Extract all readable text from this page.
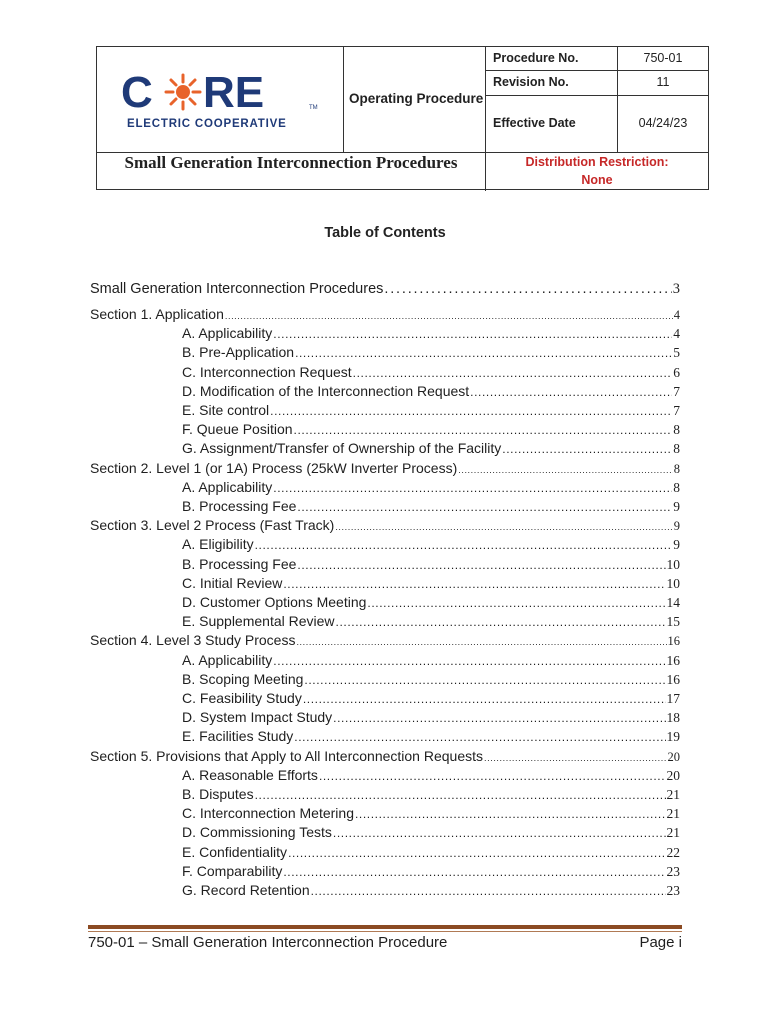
C RE	TM
ELECTRIC COOPERATIVE
Operating Procedure
Small Generation Interconnection Procedures
Procedure No.	750-01
Revision No.	11
Effective Date	04/24/23
Distribution Restriction:
None
Table of Contents
Small Generation Interconnection Procedures .....	3
Section 1. Application .....	4
A. Applicability .....	4
B. Pre-Application .....	5
C. Interconnection Request .....	6
D. Modification of the Interconnection Request .....	7
E. Site control .....	7
F. Queue Position .....	8
G. Assignment/Transfer of Ownership of the Facility .....	8
Section 2. Level 1 (or 1A) Process (25kW Inverter Process) .....	8
A. Applicability .....	8
B. Processing Fee .....	9
Section 3. Level 2 Process (Fast Track) .....	9
A. Eligibility .....	9
B. Processing Fee .....	10
C. Initial Review .....	10
D. Customer Options Meeting .....	14
E. Supplemental Review .....	15
Section 4. Level 3 Study Process .....	16
A. Applicability .....	16
B. Scoping Meeting .....	16
C. Feasibility Study .....	17
D. System Impact Study .....	18
E. Facilities Study .....	19
Section 5. Provisions that Apply to All Interconnection Requests .....	20
A. Reasonable Efforts .....	20
B. Disputes .....	21
C. Interconnection Metering .....	21
D. Commissioning Tests .....	21
E. Confidentiality .....	22
F. Comparability .....	23
G. Record Retention .....	23
750-01 – Small Generation Interconnection Procedure	Page i
